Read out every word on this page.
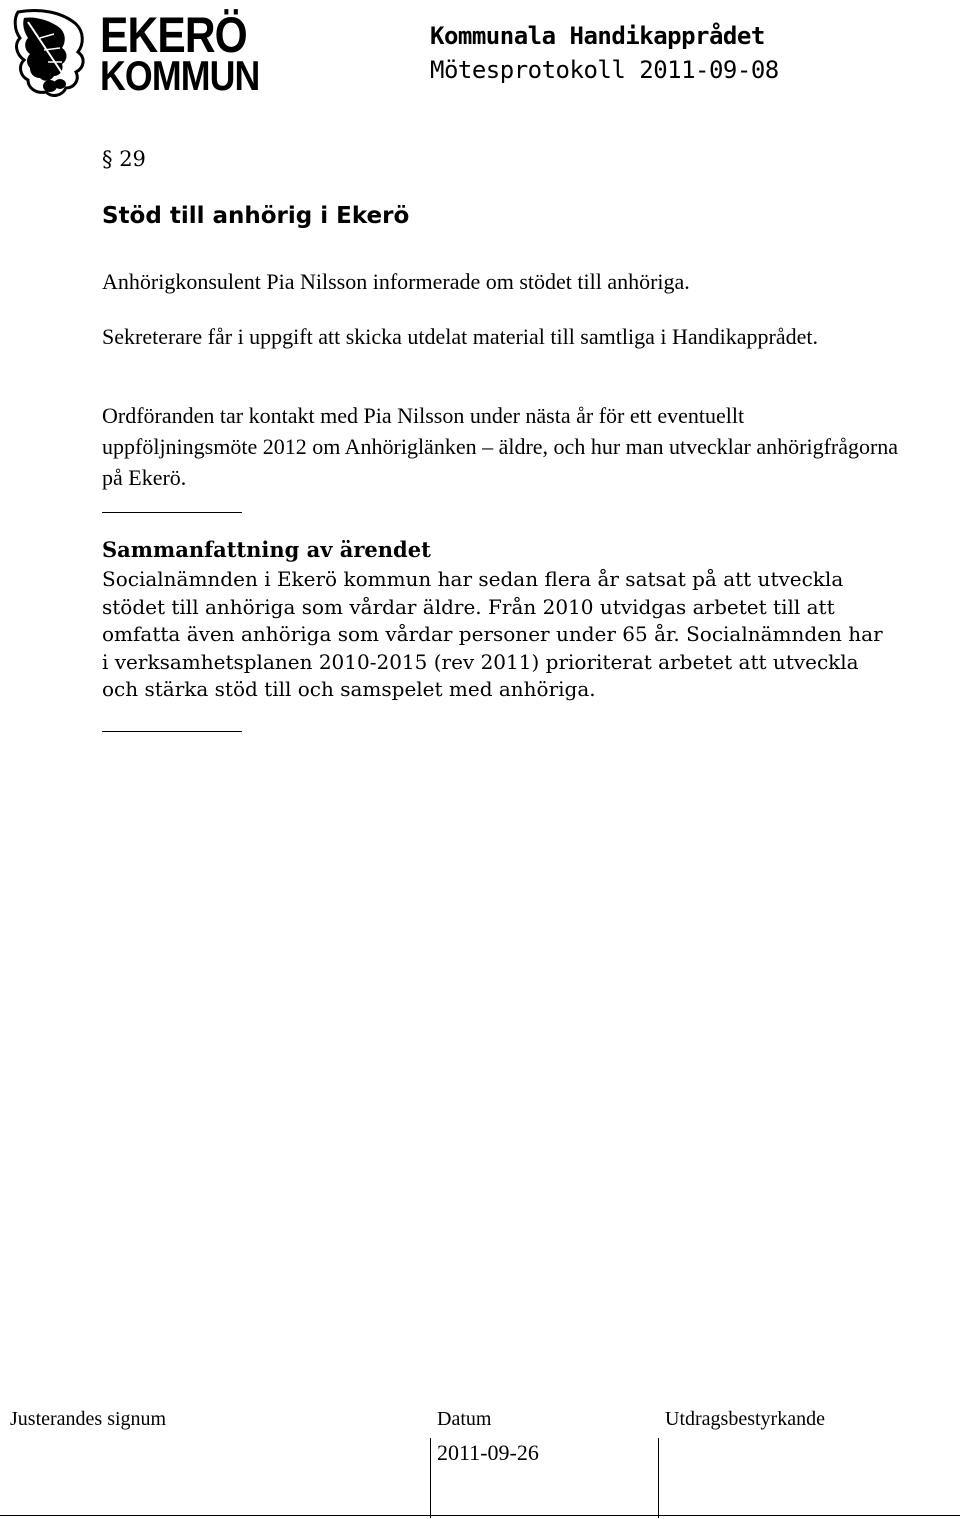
EKERÖ
KOMMUN
Kommunala Handikapprådet
Mötesprotokoll 2011-09-08
§ 29
Stöd till anhörig i Ekerö
Anhörigkonsulent Pia Nilsson informerade om stödet till anhöriga.
Sekreterare får i uppgift att skicka utdelat material till samtliga i Handikapprådet.
Ordföranden tar kontakt med Pia Nilsson under nästa år för ett eventuellt uppföljningsmöte 2012 om Anhöriglänken – äldre, och hur man utvecklar anhörigfrågorna på Ekerö.
Sammanfattning av ärendet
Socialnämnden i Ekerö kommun har sedan flera år satsat på att utveckla stödet till anhöriga som vårdar äldre. Från 2010 utvidgas arbetet till att omfatta även anhöriga som vårdar personer under 65 år. Socialnämnden har i verksamhetsplanen 2010-2015 (rev 2011) prioriterat arbetet att utveckla och stärka stöd till och samspelet med anhöriga.
Justerandes signum	Datum	Utdragsbestyrkande
2011-09-26
